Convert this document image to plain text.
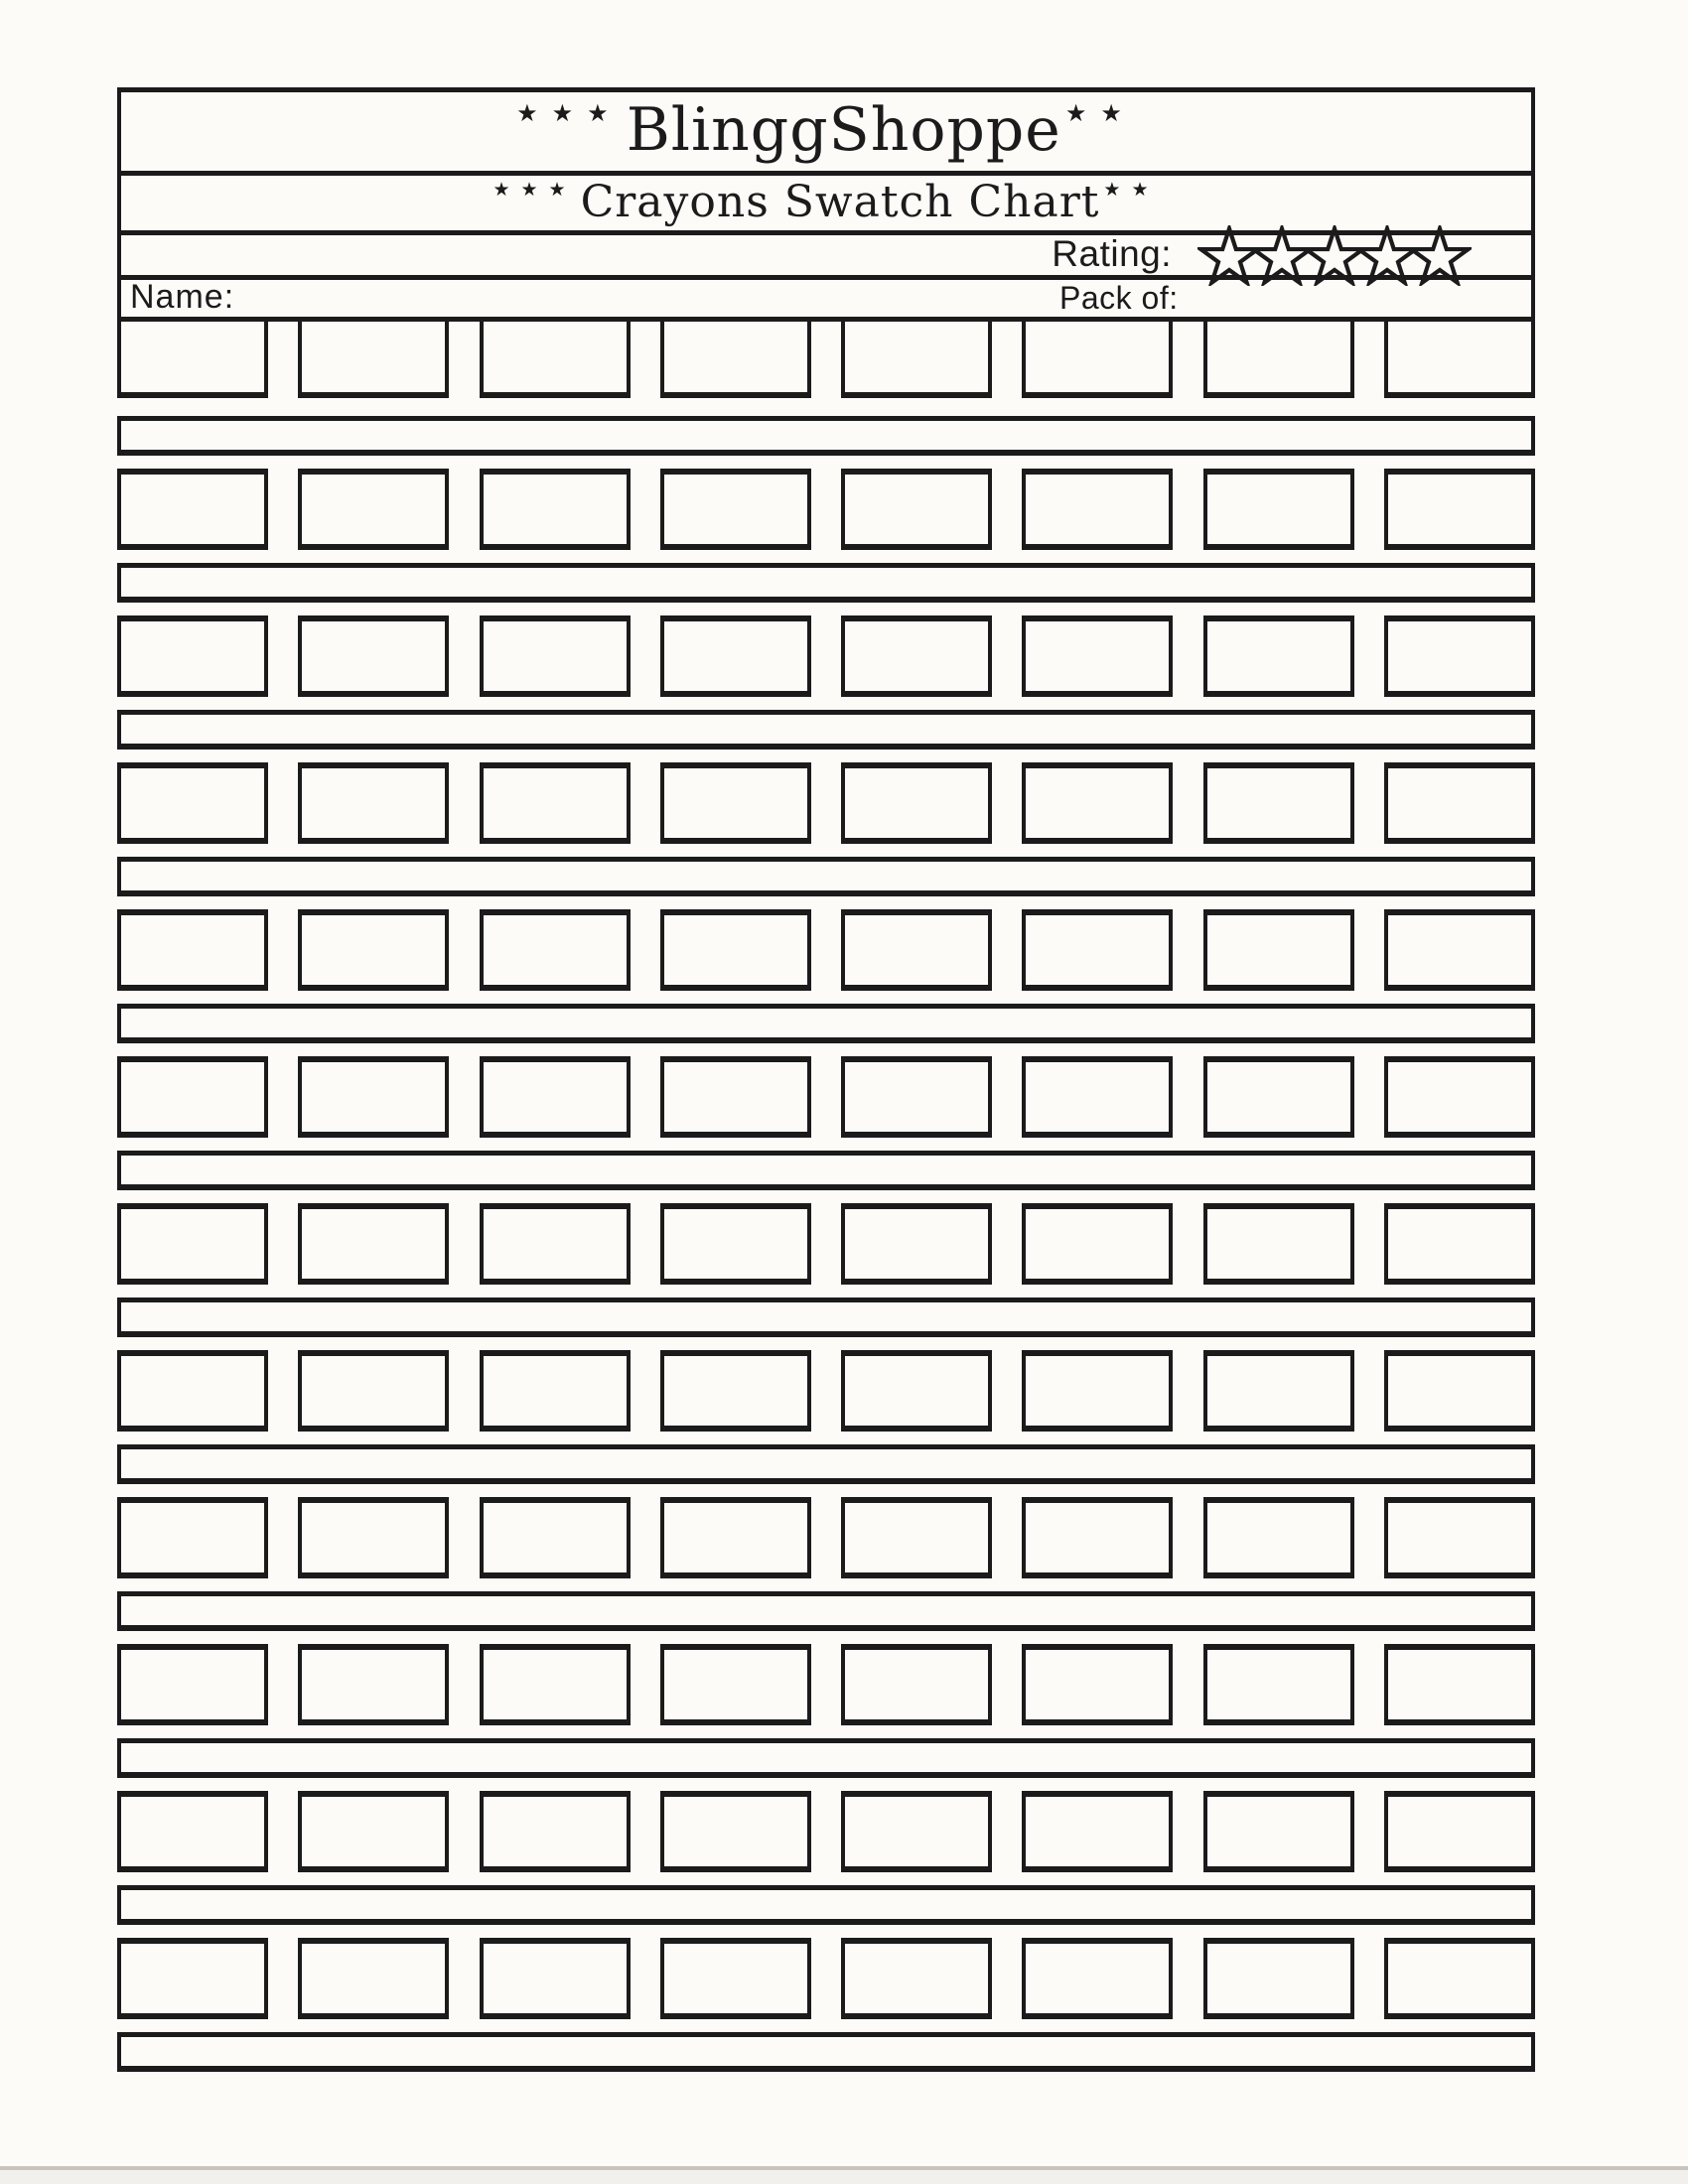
★★★ BlinggShoppe ★★
★★★ Crayons Swatch Chart ★★
Rating:
Name:	Pack of:
